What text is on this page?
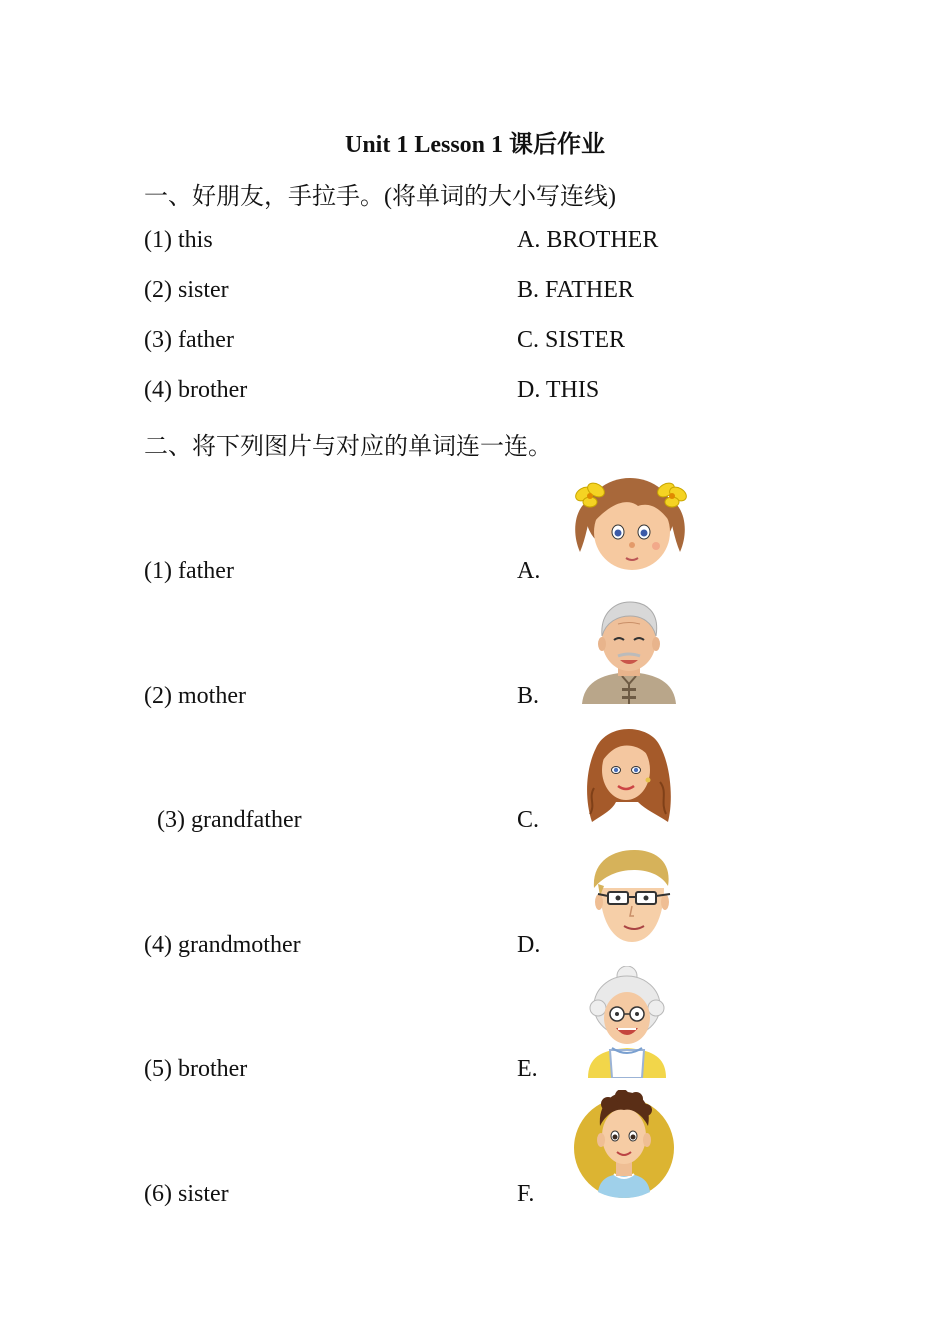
Unit 1 Lesson 1 课后作业
一、好朋友，手拉手。(将单词的大小写连线)
(1) this
(2) sister
(3) father
(4) brother
A. BROTHER
B. FATHER
C. SISTER
D. THIS
二、将下列图片与对应的单词连一连。
(1) father
(2) mother
(3) grandfather
(4) grandmother
(5) brother
(6) sister
A.
B.
C.
D.
E.
F.
